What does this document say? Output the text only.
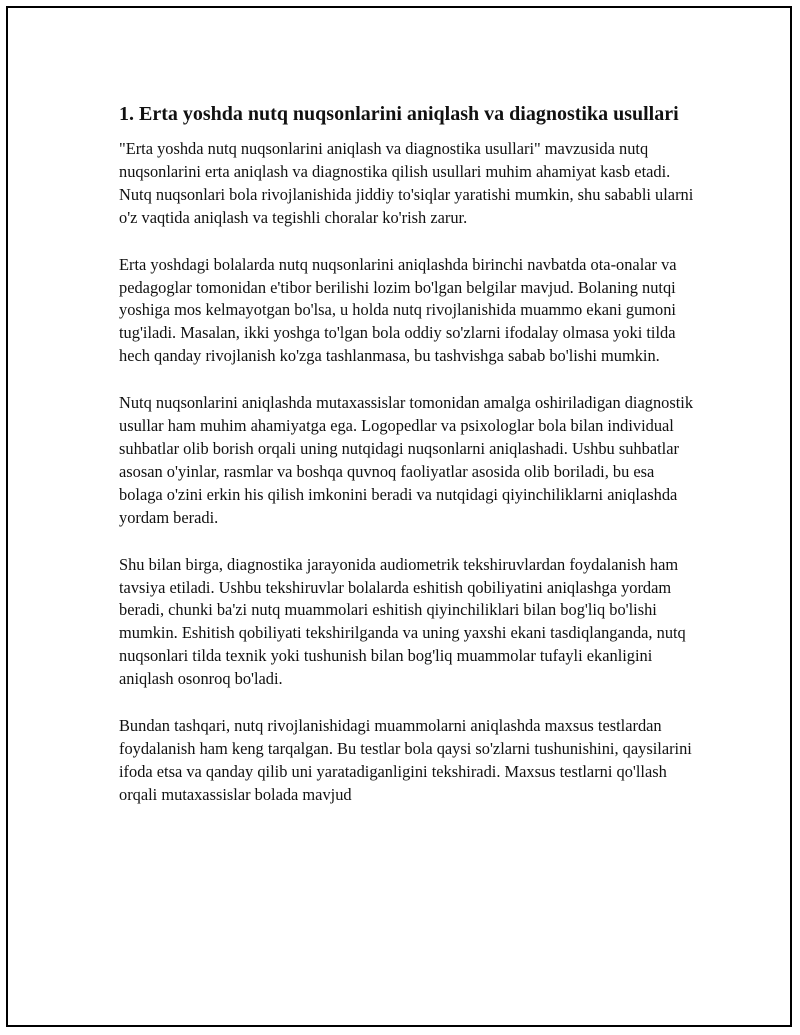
1. Erta yoshda nutq nuqsonlarini aniqlash va diagnostika usullari

"Erta yoshda nutq nuqsonlarini aniqlash va diagnostika usullari" mavzusida nutq nuqsonlarini erta aniqlash va diagnostika qilish usullari muhim ahamiyat kasb etadi. Nutq nuqsonlari bola rivojlanishida jiddiy to'siqlar yaratishi mumkin, shu sababli ularni o'z vaqtida aniqlash va tegishli choralar ko'rish zarur.

Erta yoshdagi bolalarda nutq nuqsonlarini aniqlashda birinchi navbatda ota-onalar va pedagoglar tomonidan e'tibor berilishi lozim bo'lgan belgilar mavjud. Bolaning nutqi yoshiga mos kelmayotgan bo'lsa, u holda nutq rivojlanishida muammo ekani gumoni tug'iladi. Masalan, ikki yoshga to'lgan bola oddiy so'zlarni ifodalay olmasa yoki tilda hech qanday rivojlanish ko'zga tashlanmasa, bu tashvishga sabab bo'lishi mumkin.

Nutq nuqsonlarini aniqlashda mutaxassislar tomonidan amalga oshiriladigan diagnostik usullar ham muhim ahamiyatga ega. Logopedlar va psixologlar bola bilan individual suhbatlar olib borish orqali uning nutqidagi nuqsonlarni aniqlashadi. Ushbu suhbatlar asosan o'yinlar, rasmlar va boshqa quvnoq faoliyatlar asosida olib boriladi, bu esa bolaga o'zini erkin his qilish imkonini beradi va nutqidagi qiyinchiliklarni aniqlashda yordam beradi.

Shu bilan birga, diagnostika jarayonida audiometrik tekshiruvlardan foydalanish ham tavsiya etiladi. Ushbu tekshiruvlar bolalarda eshitish qobiliyatini aniqlashga yordam beradi, chunki ba'zi nutq muammolari eshitish qiyinchiliklari bilan bog'liq bo'lishi mumkin. Eshitish qobiliyati tekshirilganda va uning yaxshi ekani tasdiqlanganda, nutq nuqsonlari tilda texnik yoki tushunish bilan bog'liq muammolar tufayli ekanligini aniqlash osonroq bo'ladi.

Bundan tashqari, nutq rivojlanishidagi muammolarni aniqlashda maxsus testlardan foydalanish ham keng tarqalgan. Bu testlar bola qaysi so'zlarni tushunishini, qaysilarini ifoda etsa va qanday qilib uni yaratadiganligini tekshiradi. Maxsus testlarni qo'llash orqali mutaxassislar bolada mavjud
